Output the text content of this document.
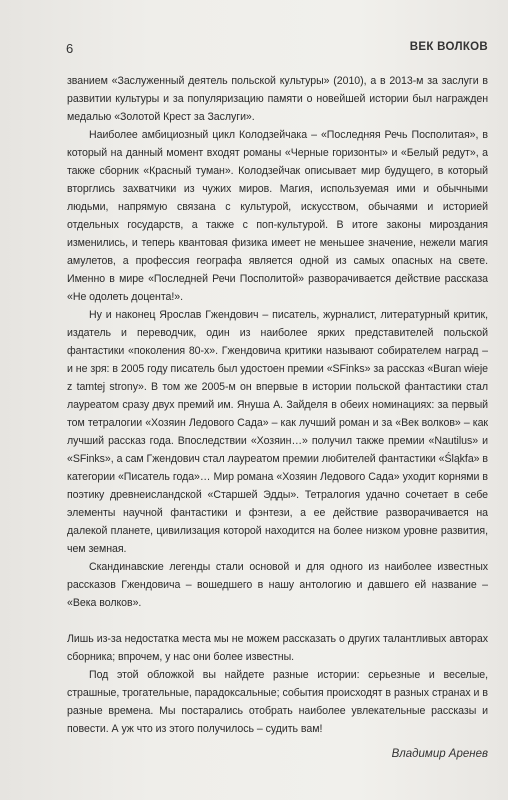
6	ВЕК ВОЛКОВ

званием «Заслуженный деятель польской культуры» (2010), а в 2013-м за заслуги в развитии культуры и за популяризацию памяти о новейшей истории был награжден медалью «Золотой Крест за Заслуги».

Наиболее амбициозный цикл Колодзейчака – «Последняя Речь Посполитая», в который на данный момент входят романы «Черные горизонты» и «Белый редут», а также сборник «Красный туман». Колодзейчак описывает мир будущего, в который вторглись захватчики из чужих миров. Магия, используемая ими и обычными людьми, напрямую связана с культурой, искусством, обычаями и историей отдельных государств, а также с поп-культурой. В итоге законы мироздания изменились, и теперь квантовая физика имеет не меньшее значение, нежели магия амулетов, а профессия географа является одной из самых опасных на свете. Именно в мире «Последней Речи Посполитой» разворачивается действие рассказа «Не одолеть доцента!».

Ну и наконец Ярослав Гжендович – писатель, журналист, литературный критик, издатель и переводчик, один из наиболее ярких представителей польской фантастики «поколения 80-х». Гжендовича критики называют собирателем наград – и не зря: в 2005 году писатель был удостоен премии «SFinks» за рассказ «Buran wieje z tamtej strony». В том же 2005-м он впервые в истории польской фантастики стал лауреатом сразу двух премий им. Януша А. Зайделя в обеих номинациях: за первый том тетралогии «Хозяин Ледового Сада» – как лучший роман и за «Век волков» – как лучший рассказ года. Впоследствии «Хозяин…» получил также премии «Nautilus» и «SFinks», а сам Гжендович стал лауреатом премии любителей фантастики «Śląkfa» в категории «Писатель года»… Мир романа «Хозяин Ледового Сада» уходит корнями в поэтику древнеисландской «Старшей Эдды». Тетралогия удачно сочетает в себе элементы научной фантастики и фэнтези, а ее действие разворачивается на далекой планете, цивилизация которой находится на более низком уровне развития, чем земная.

Скандинавские легенды стали основой и для одного из наиболее известных рассказов Гжендовича – вошедшего в нашу антологию и давшего ей название – «Века волков».

Лишь из-за недостатка места мы не можем рассказать о других талантливых авторах сборника; впрочем, у нас они более известны.

Под этой обложкой вы найдете разные истории: серьезные и веселые, страшные, трогательные, парадоксальные; события происходят в разных странах и в разные времена. Мы постарались отобрать наиболее увлекательные рассказы и повести. А уж что из этого получилось – судить вам!

Владимир Аренев
